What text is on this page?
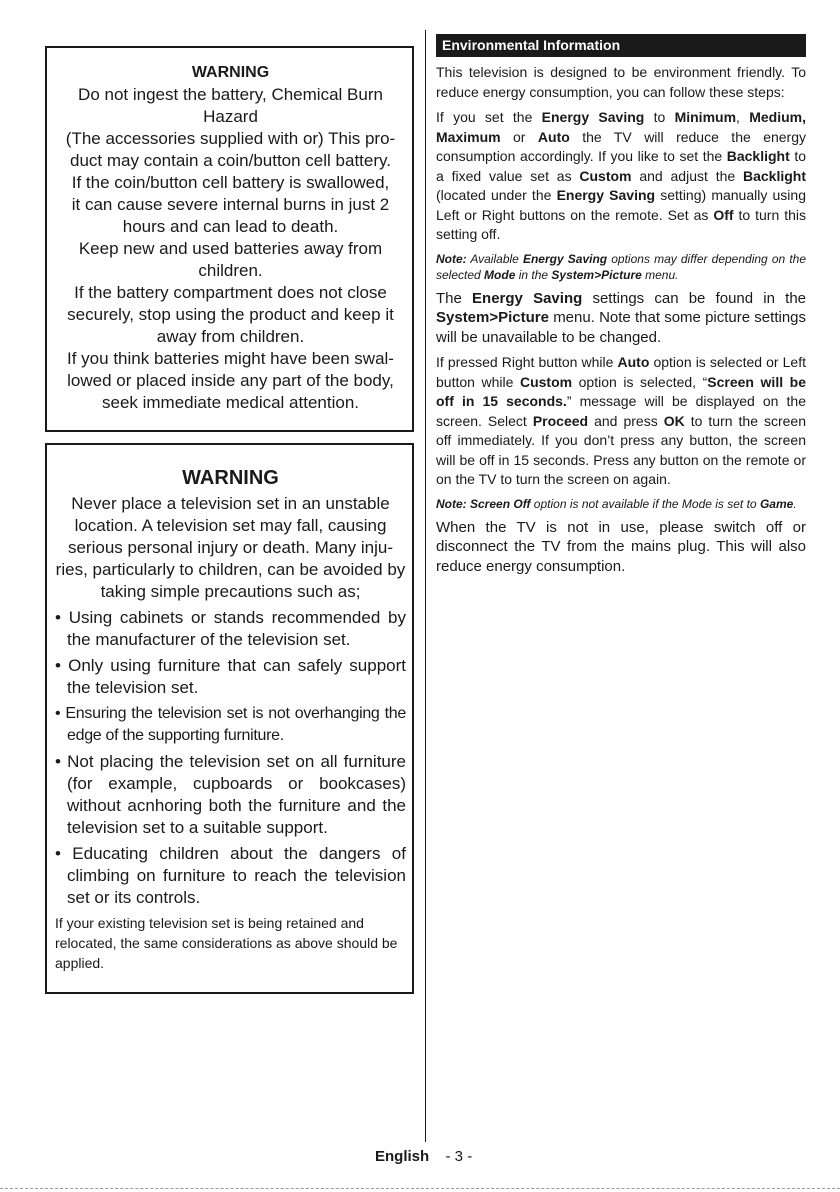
WARNING
Do not ingest the battery, Chemical Burn
Hazard
(The accessories supplied with or) This pro-
duct may contain a coin/button cell battery.
If the coin/button cell battery is swallowed,
it can cause severe internal burns in just 2
hours and can lead to death.
Keep new and used batteries away from
children.
If the battery compartment does not close
securely, stop using the product and keep it
away from children.
If you think batteries might have been swal-
lowed or placed inside any part of the body,
seek immediate medical attention.
WARNING
Never place a television set in an unstable location. A television set may fall, causing serious personal injury or death. Many inju-ries, particularly to children, can be avoided by taking simple precautions such as;
• Using cabinets or stands recommended by the manufacturer of the television set.
• Only using furniture that can safely support the television set.
• Ensuring the television set is not overhanging the edge of the supporting furniture.
• Not placing the television set on all furniture (for example, cupboards or bookcases) without acnhoring both the furniture and the television set to a suitable support.
• Educating children about the dangers of climbing on furniture to reach the television set or its controls.
If your existing television set is being retained and relocated, the same considerations as above should be applied.
Environmental Information

This television is designed to be environment friendly. To reduce energy consumption, you can follow these steps:

If you set the Energy Saving to Minimum, Medium, Maximum or Auto the TV will reduce the energy consumption accordingly. If you like to set the Backlight to a fixed value set as Custom and adjust the Backlight (located under the Energy Saving setting) manually using Left or Right buttons on the remote. Set as Off to turn this setting off.

Note: Available Energy Saving options may differ depending on the selected Mode in the System>Picture menu.

The Energy Saving settings can be found in the System>Picture menu. Note that some picture settings will be unavailable to be changed.

If pressed Right button while Auto option is selected or Left button while Custom option is selected, “Screen will be off in 15 seconds.” message will be displayed on the screen. Select Proceed and press OK to turn the screen off immediately. If you don’t press any button, the screen will be off in 15 seconds. Press any button on the remote or on the TV to turn the screen on again.

Note: Screen Off option is not available if the Mode is set to Game.

When the TV is not in use, please switch off or disconnect the TV from the mains plug. This will also reduce energy consumption.

English - 3 -
